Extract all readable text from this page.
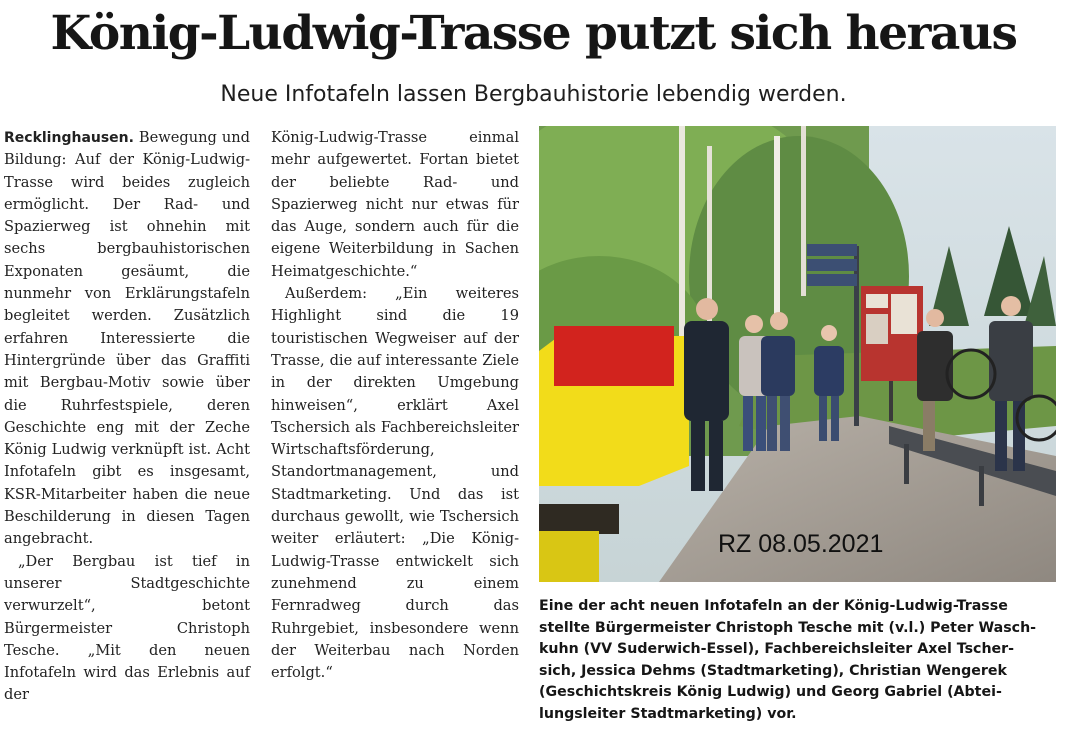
König-Ludwig-Trasse putzt sich heraus
Neue Infotafeln lassen Bergbauhistorie lebendig werden.

Recklinghausen. Bewegung und Bildung: Auf der König-Ludwig-Trasse wird beides zugleich ermöglicht. Der Rad- und Spazierweg ist ohnehin mit sechs bergbauhistorischen Exponaten gesäumt, die nunmehr von Erklärungstafeln begleitet werden. Zusätzlich erfahren Interessierte die Hintergründe über das Graffiti mit Bergbau-Motiv sowie über die Ruhrfestspiele, deren Geschichte eng mit der Zeche König Ludwig verknüpft ist. Acht Infotafeln gibt es insgesamt, KSR-Mitarbeiter haben die neue Beschilderung in diesen Tagen angebracht.

„Der Bergbau ist tief in unserer Stadtgeschichte verwurzelt“, betont Bürgermeister Christoph Tesche. „Mit den neuen Infotafeln wird das Erlebnis auf der

König-Ludwig-Trasse einmal mehr aufgewertet. Fortan bietet der beliebte Rad- und Spazierweg nicht nur etwas für das Auge, sondern auch für die eigene Weiterbildung in Sachen Heimatgeschichte.“

Außerdem: „Ein weiteres Highlight sind die 19 touristischen Wegweiser auf der Trasse, die auf interessante Ziele in der direkten Umgebung hinweisen“, erklärt Axel Tschersich als Fachbereichsleiter Wirtschaftsförderung, Standortmanagement, und Stadtmarketing. Und das ist durchaus gewollt, wie Tschersich weiter erläutert: „Die König-Ludwig-Trasse entwickelt sich zunehmend zu einem Fernradweg durch das Ruhrgebiet, insbesondere wenn der Weiterbau nach Norden erfolgt.“

RZ 08.05.2021
Eine der acht neuen Infotafeln an der König-Ludwig-Trasse
stellte Bürgermeister Christoph Tesche mit (v.l.) Peter Wasch-
kuhn (VV Suderwich-Essel), Fachbereichsleiter Axel Tscher-
sich, Jessica Dehms (Stadtmarketing), Christian Wengerek
(Geschichtskreis König Ludwig) und Georg Gabriel (Abtei-
lungsleiter Stadtmarketing) vor.
